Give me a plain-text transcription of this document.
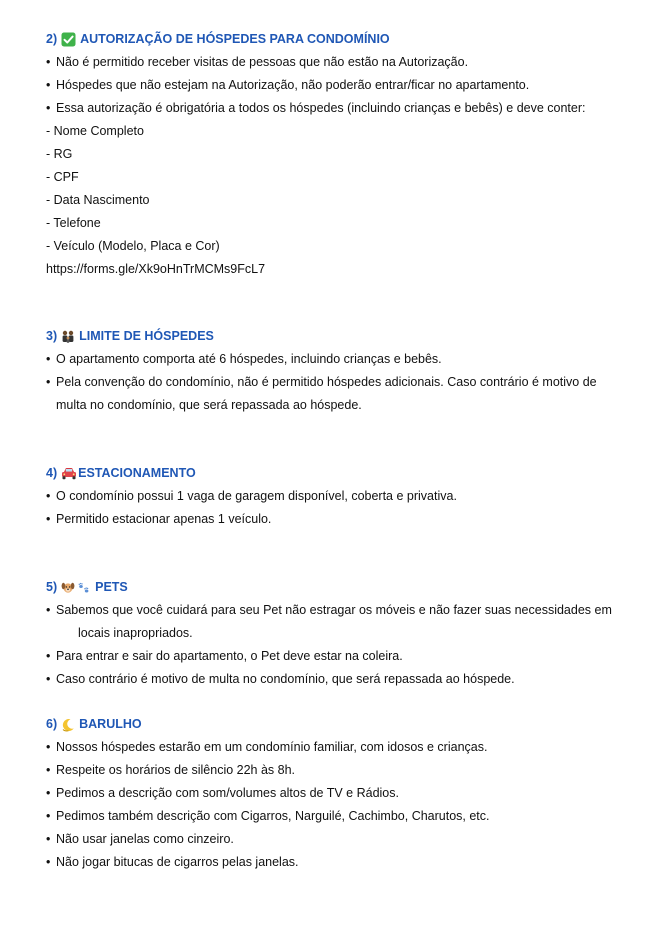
2) AUTORIZAÇÃO DE HÓSPEDES PARA CONDOMÍNIO
• Não é permitido receber visitas de pessoas que não estão na Autorização.
• Hóspedes que não estejam na Autorização, não poderão entrar/ficar no apartamento.
• Essa autorização é obrigatória a todos os hóspedes (incluindo crianças e bebês) e deve conter:
- Nome Completo
- RG
- CPF
- Data Nascimento
- Telefone
- Veículo (Modelo, Placa e Cor)
https://forms.gle/Xk9oHnTrMCMs9FcL7
3) LIMITE DE HÓSPEDES
• O apartamento comporta até 6 hóspedes, incluindo crianças e bebês.
• Pela convenção do condomínio, não é permitido hóspedes adicionais. Caso contrário é motivo de
multa no condomínio, que será repassada ao hóspede.
4) ESTACIONAMENTO
• O condomínio possui 1 vaga de garagem disponível, coberta e privativa.
• Permitido estacionar apenas 1 veículo.
5)	PETS
• Sabemos que você cuidará para seu Pet não estragar os móveis e não fazer suas necessidades em
locais inapropriados.
• Para entrar e sair do apartamento, o Pet deve estar na coleira.
• Caso contrário é motivo de multa no condomínio, que será repassada ao hóspede.
6) BARULHO
• Nossos hóspedes estarão em um condomínio familiar, com idosos e crianças.
• Respeite os horários de silêncio 22h às 8h.
• Pedimos a descrição com som/volumes altos de TV e Rádios.
• Pedimos também descrição com Cigarros, Narguilé, Cachimbo, Charutos, etc.
• Não usar janelas como cinzeiro.
• Não jogar bitucas de cigarros pelas janelas.
